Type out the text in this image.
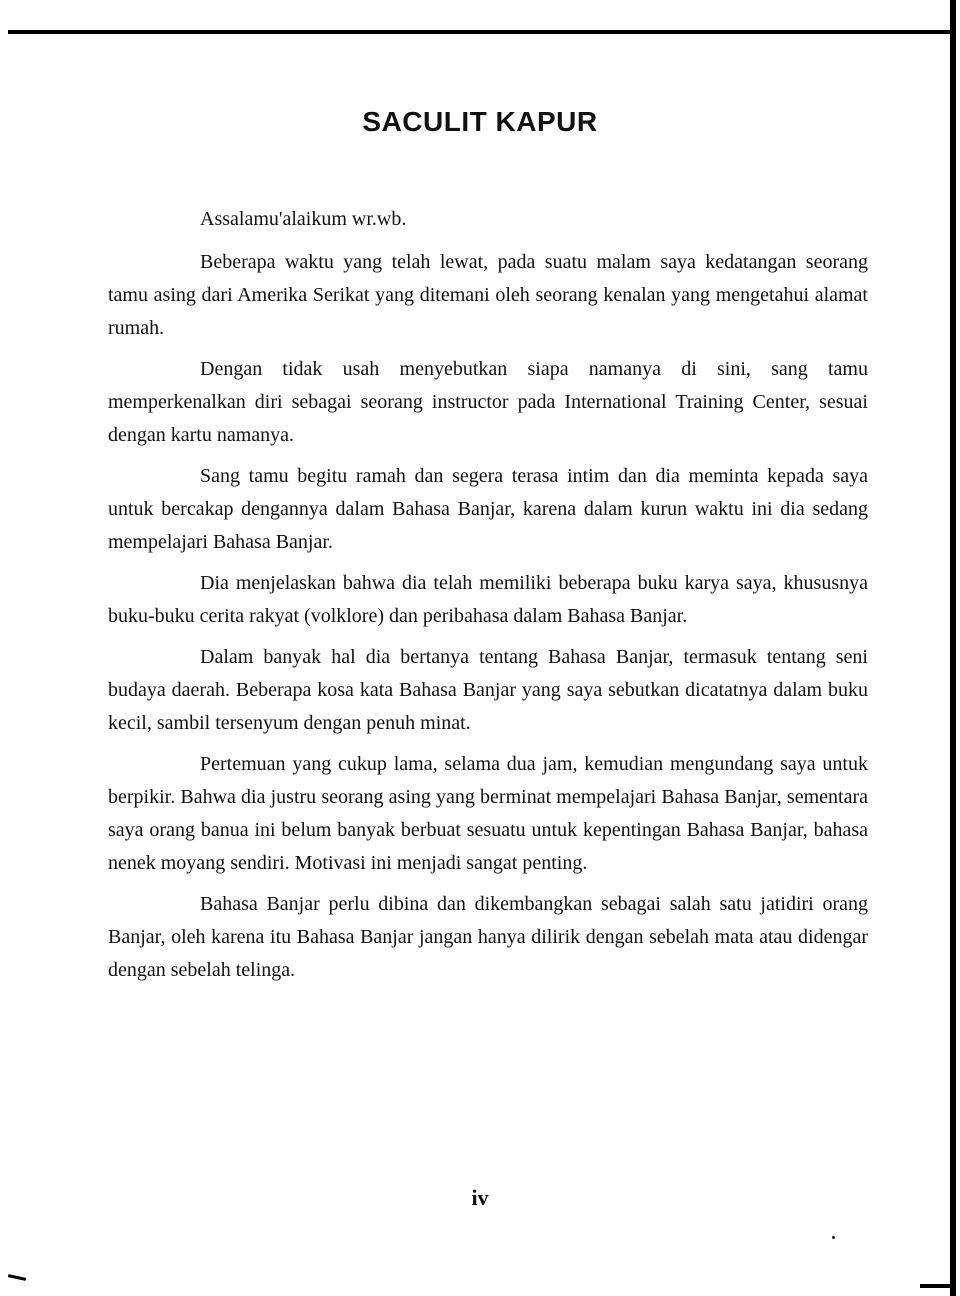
SACULIT KAPUR

Assalamu'alaikum wr.wb.

Beberapa waktu yang telah lewat, pada suatu malam saya kedatangan seorang tamu asing dari Amerika Serikat yang ditemani oleh seorang kenalan yang mengetahui alamat rumah.

Dengan tidak usah menyebutkan siapa namanya di sini, sang tamu memperkenalkan diri sebagai seorang instructor pada International Training Center, sesuai dengan kartu namanya.

Sang tamu begitu ramah dan segera terasa intim dan dia meminta kepada saya untuk bercakap dengannya dalam Bahasa Banjar, karena dalam kurun waktu ini dia sedang mempelajari Bahasa Banjar.

Dia menjelaskan bahwa dia telah memiliki beberapa buku karya saya, khususnya buku-buku cerita rakyat (volklore) dan peribahasa dalam Bahasa Banjar.

Dalam banyak hal dia bertanya tentang Bahasa Banjar, termasuk tentang seni budaya daerah. Beberapa kosa kata Bahasa Banjar yang saya sebutkan dicatatnya dalam buku kecil, sambil tersenyum dengan penuh minat.

Pertemuan yang cukup lama, selama dua jam, kemudian mengundang saya untuk berpikir. Bahwa dia justru seorang asing yang berminat mempelajari Bahasa Banjar, sementara saya orang banua ini belum banyak berbuat sesuatu untuk kepentingan Bahasa Banjar, bahasa nenek moyang sendiri. Motivasi ini menjadi sangat penting.

Bahasa Banjar perlu dibina dan dikembangkan sebagai salah satu jatidiri orang Banjar, oleh karena itu Bahasa Banjar jangan hanya dilirik dengan sebelah mata atau didengar dengan sebelah telinga.

iv
